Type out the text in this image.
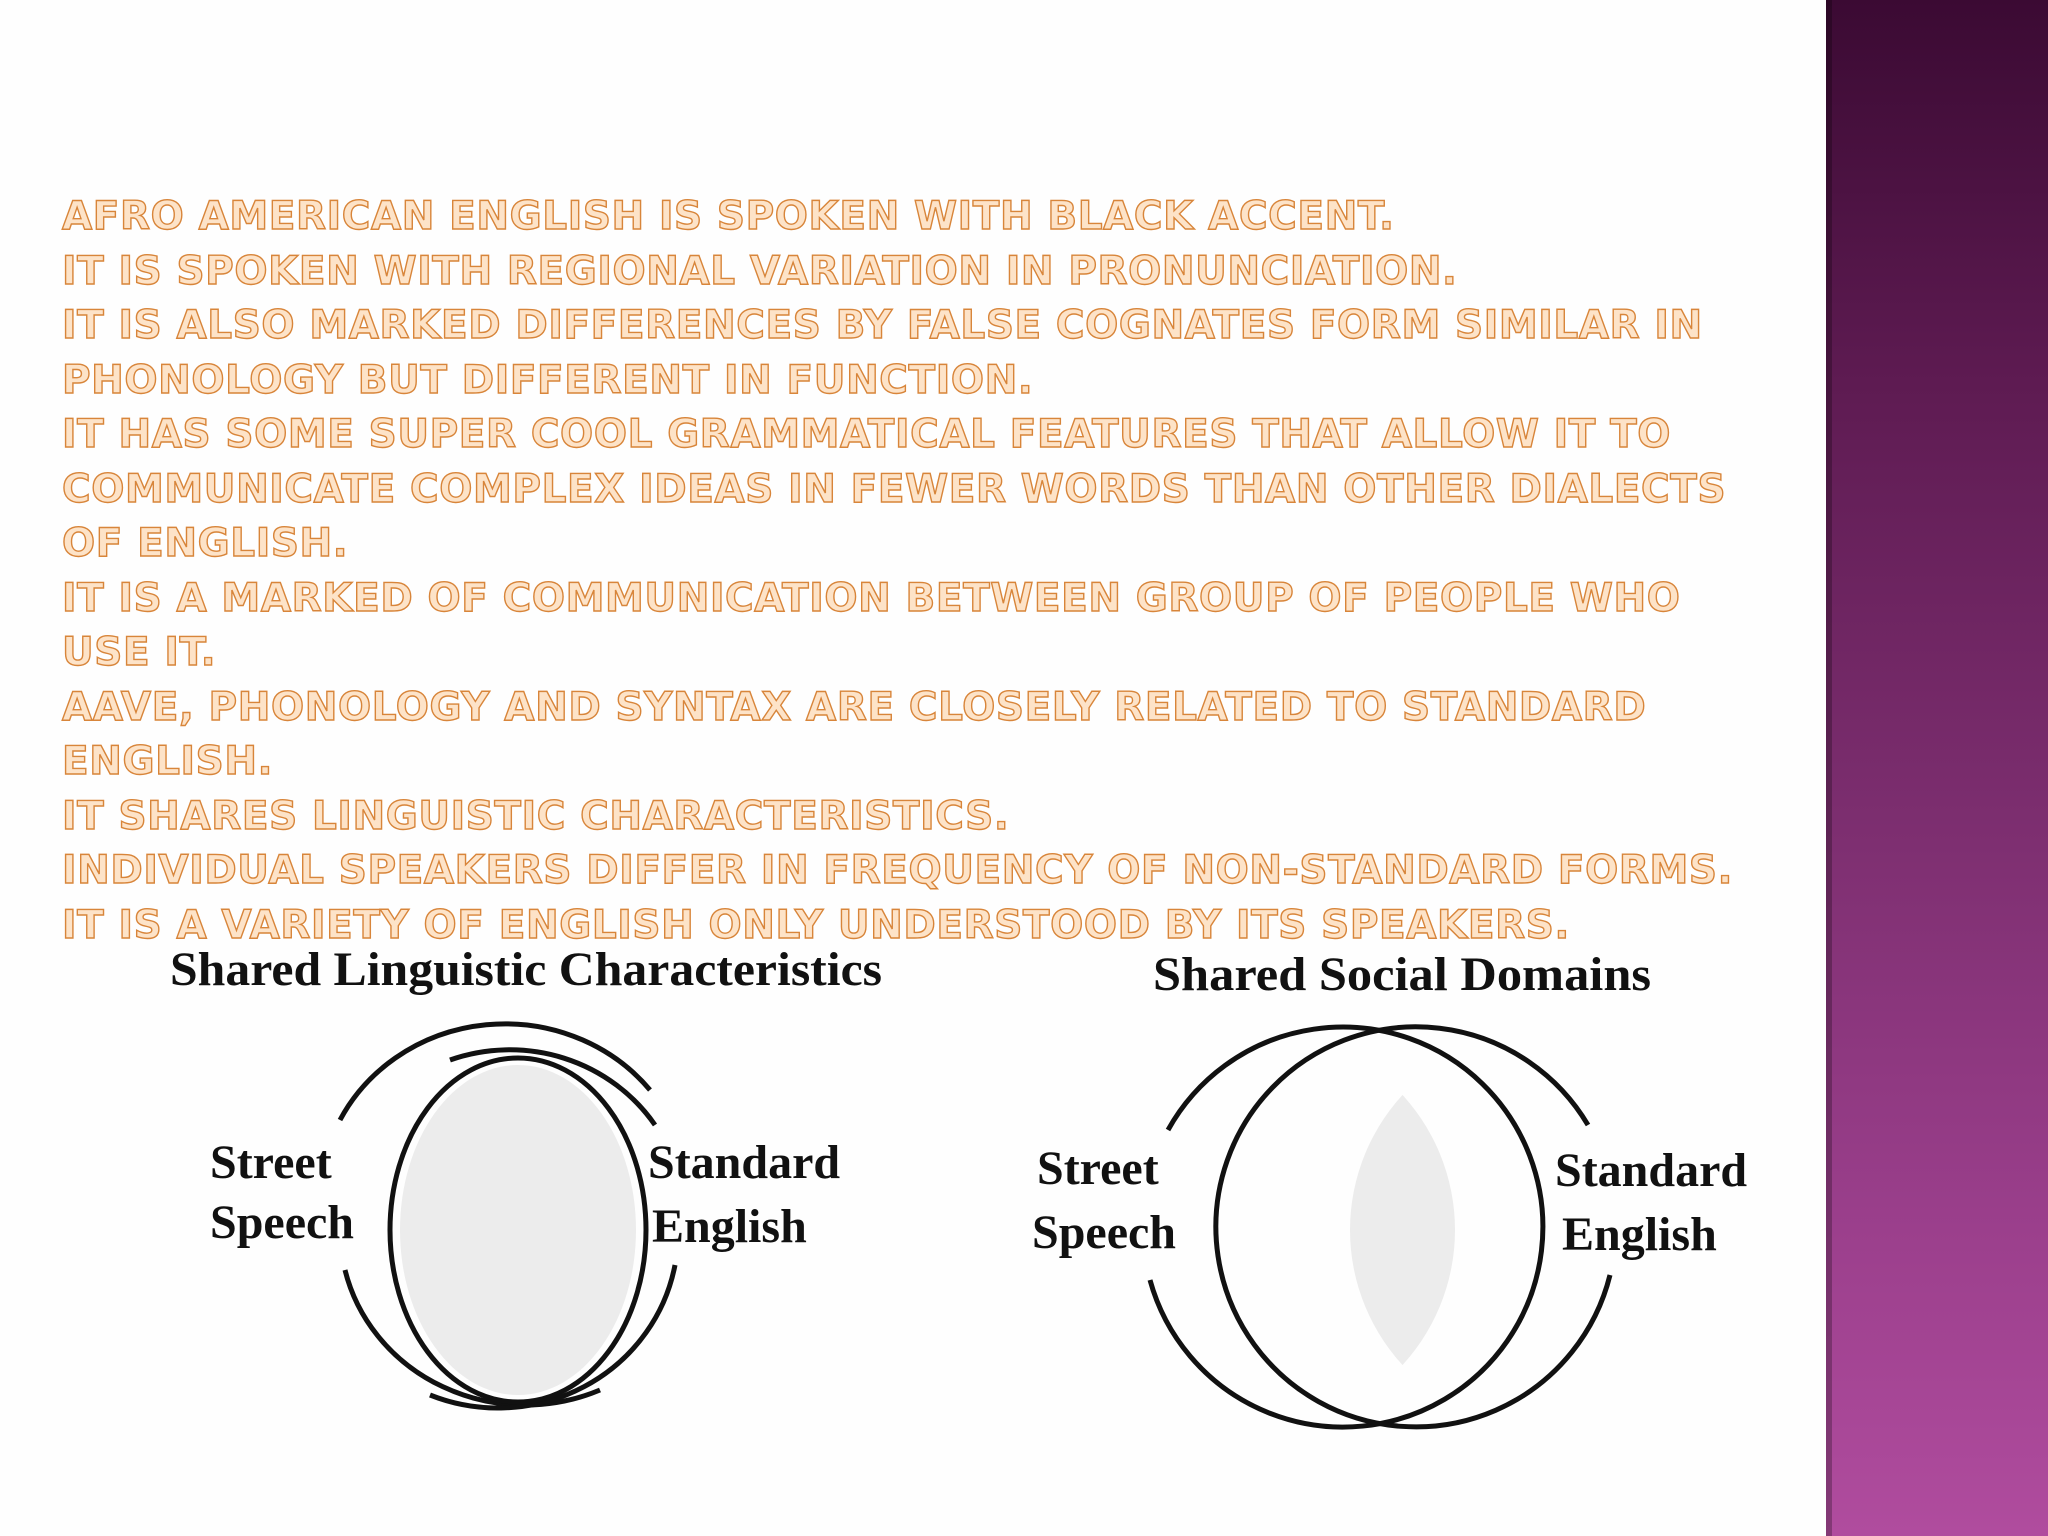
AFRO AMERICAN ENGLISH IS SPOKEN WITH BLACK ACCENT.
IT IS SPOKEN WITH REGIONAL VARIATION IN PRONUNCIATION.
IT IS ALSO MARKED DIFFERENCES BY FALSE COGNATES FORM SIMILAR IN PHONOLOGY BUT DIFFERENT IN FUNCTION.
IT HAS SOME SUPER COOL GRAMMATICAL FEATURES THAT ALLOW IT TO COMMUNICATE COMPLEX IDEAS IN FEWER WORDS THAN OTHER DIALECTS OF ENGLISH.
IT IS A MARKED OF COMMUNICATION BETWEEN GROUP OF PEOPLE WHO USE IT.
AAVE, PHONOLOGY AND SYNTAX ARE CLOSELY RELATED TO STANDARD ENGLISH.
IT SHARES LINGUISTIC CHARACTERISTICS.
INDIVIDUAL SPEAKERS DIFFER IN FREQUENCY OF NON-STANDARD FORMS.
IT IS A VARIETY OF ENGLISH ONLY UNDERSTOOD BY ITS SPEAKERS.
Shared Linguistic Characteristics
Street
Speech
Standard
English
Shared Social Domains
Street
Speech
Standard
English
